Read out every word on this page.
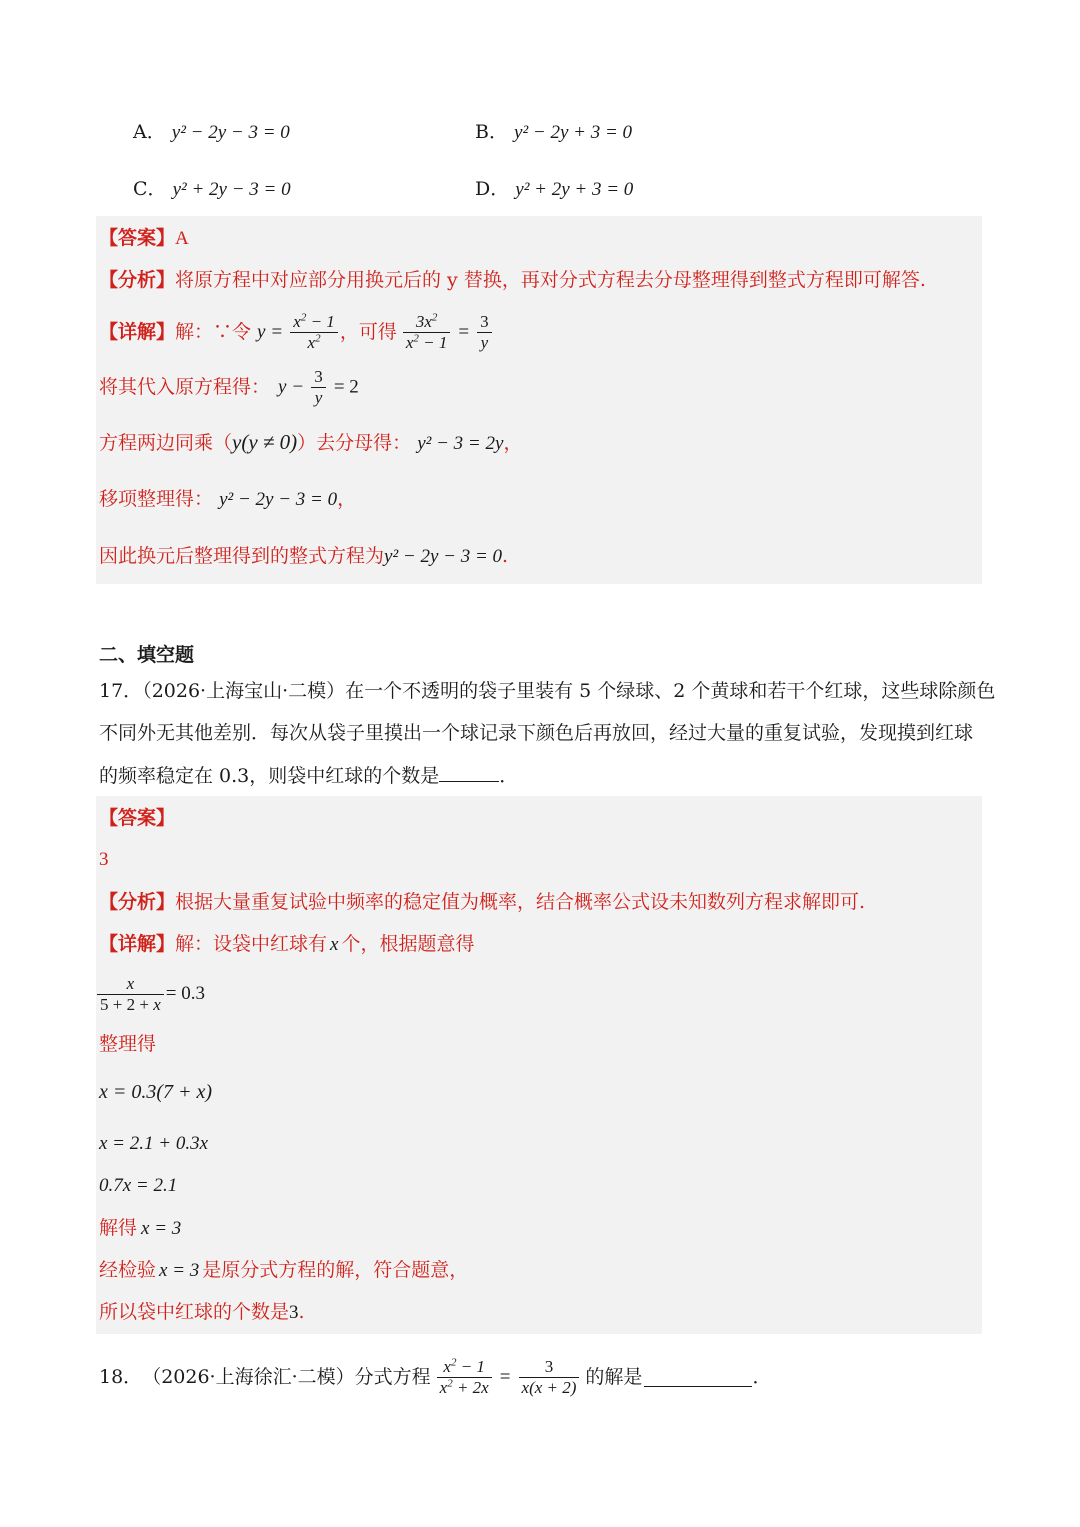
A． y² − 2y − 3 = 0	B． y² − 2y + 3 = 0
C． y² + 2y − 3 = 0	D． y² + 2y + 3 = 0
【答案】A
【分析】将原方程中对应部分用换元后的 y 替换，再对分式方程去分母整理得到整式方程即可解答.
【详解】 解：∵令 $y = \frac{x^2 - 1}{x^2}$ ，可得 $\frac{3x^2}{x^2 - 1} = \frac{3}{y}$
将其代入原方程得： $y - \frac{3}{y} = 2$
方程两边同乘（y(y ≠ 0)）去分母得： y² − 3 = 2y，
移项整理得： y² − 2y − 3 = 0，
因此换元后整理得到的整式方程为y² − 2y − 3 = 0.
二、填空题
17．（2026·上海宝山·二模）在一个不透明的袋子里装有 5 个绿球、2 个黄球和若干个红球，这些球除颜色
不同外无其他差别．每次从袋子里摸出一个球记录下颜色后再放回，经过大量的重复试验，发现摸到红球
的频率稳定在 0.3，则袋中红球的个数是	．
【答案】
3
【分析】根据大量重复试验中频率的稳定值为概率，结合概率公式设未知数列方程求解即可.
【详解】解：设袋中红球有 x 个，根据题意得
$\frac{x}{5 + 2 + x} = 0.3$
整理得
x = 0.3(7 + x)
x = 2.1 + 0.3x
0.7x = 2.1
解得 x = 3
经检验 x = 3 是原分式方程的解，符合题意，
所以袋中红球的个数是3.
18． （2026·上海徐汇·二模） 分式方程 $\frac{x^2 - 1}{x^2 + 2x} = \frac{3}{x(x + 2)}$ 的解是	．
